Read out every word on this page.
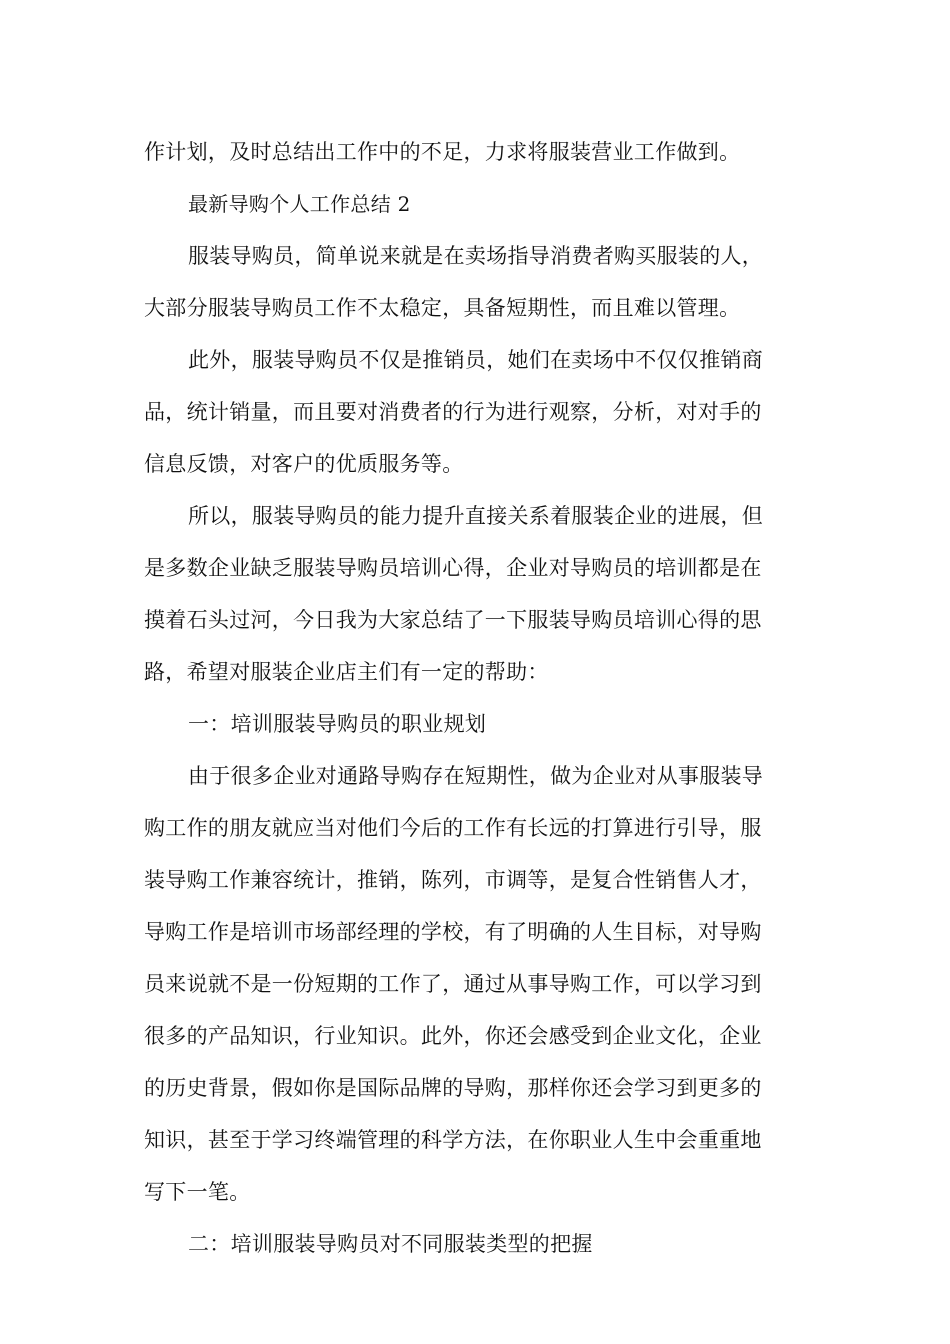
作计划，及时总结出工作中的不足，力求将服装营业工作做到。
最新导购个人工作总结 2
服装导购员，简单说来就是在卖场指导消费者购买服装的人，
大部分服装导购员工作不太稳定，具备短期性，而且难以管理。
此外，服装导购员不仅是推销员，她们在卖场中不仅仅推销商
品，统计销量，而且要对消费者的行为进行观察，分析，对对手的
信息反馈，对客户的优质服务等。
所以，服装导购员的能力提升直接关系着服装企业的进展，但
是多数企业缺乏服装导购员培训心得，企业对导购员的培训都是在
摸着石头过河，今日我为大家总结了一下服装导购员培训心得的思
路，希望对服装企业店主们有一定的帮助：
一：培训服装导购员的职业规划
由于很多企业对通路导购存在短期性，做为企业对从事服装导
购工作的朋友就应当对他们今后的工作有长远的打算进行引导，服
装导购工作兼容统计，推销，陈列，市调等，是复合性销售人才，
导购工作是培训市场部经理的学校，有了明确的人生目标，对导购
员来说就不是一份短期的工作了，通过从事导购工作，可以学习到
很多的产品知识，行业知识。此外，你还会感受到企业文化，企业
的历史背景，假如你是国际品牌的导购，那样你还会学习到更多的
知识，甚至于学习终端管理的科学方法，在你职业人生中会重重地
写下一笔。
二：培训服装导购员对不同服装类型的把握
